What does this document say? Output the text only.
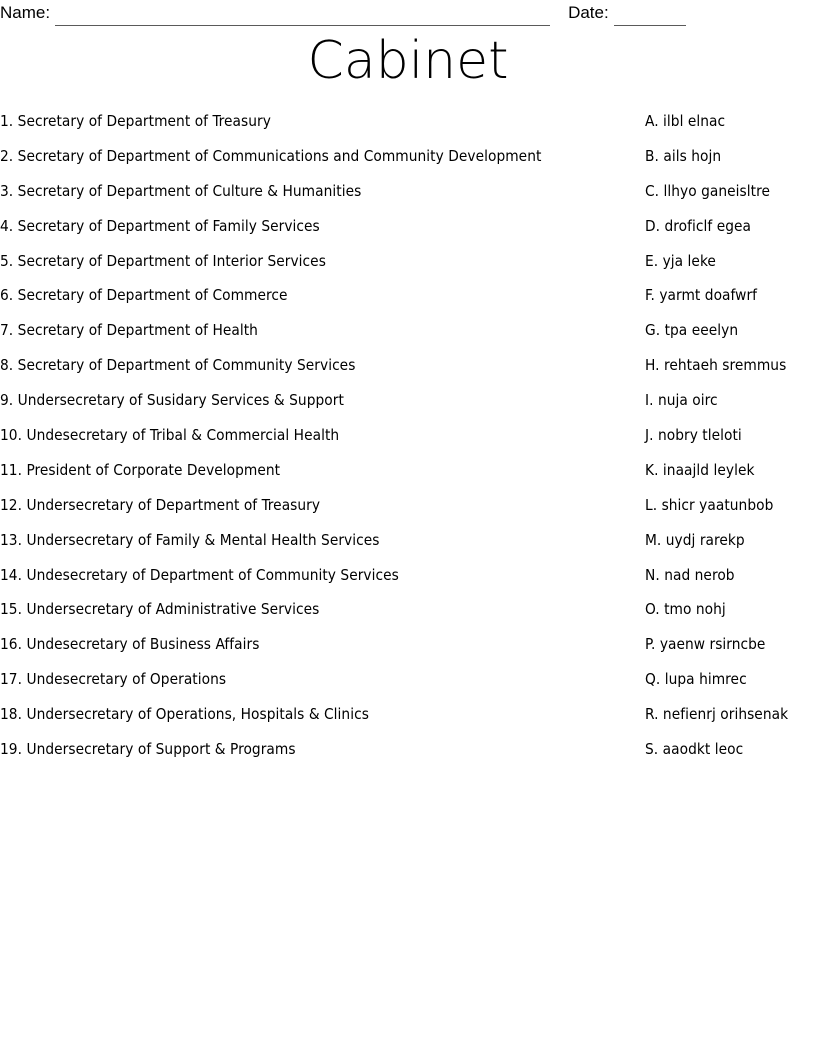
Name:	Date:
Cabinet
1. Secretary of Department of Treasury	A. ilbl elnac
2. Secretary of Department of Communications and Community Development	B. ails hojn
3. Secretary of Department of Culture & Humanities	C. llhyo ganeisltre
4. Secretary of Department of Family Services	D. droficlf egea
5. Secretary of Department of Interior Services	E. yja leke
6. Secretary of Department of Commerce	F. yarmt doafwrf
7. Secretary of Department of Health	G. tpa eeelyn
8. Secretary of Department of Community Services	H. rehtaeh sremmus
9. Undersecretary of Susidary Services & Support	I. nuja oirc
10. Undesecretary of Tribal & Commercial Health	J. nobry tleloti
11. President of Corporate Development	K. inaajld leylek
12. Undersecretary of Department of Treasury	L. shicr yaatunbob
13. Undersecretary of Family & Mental Health Services	M. uydj rarekp
14. Undesecretary of Department of Community Services	N. nad nerob
15. Undersecretary of Administrative Services	O. tmo nohj
16. Undesecretary of Business Affairs	P. yaenw rsirncbe
17. Undesecretary of Operations	Q. lupa himrec
18. Undersecretary of Operations, Hospitals & Clinics	R. nefienrj orihsenak
19. Undersecretary of Support & Programs	S. aaodkt leoc
